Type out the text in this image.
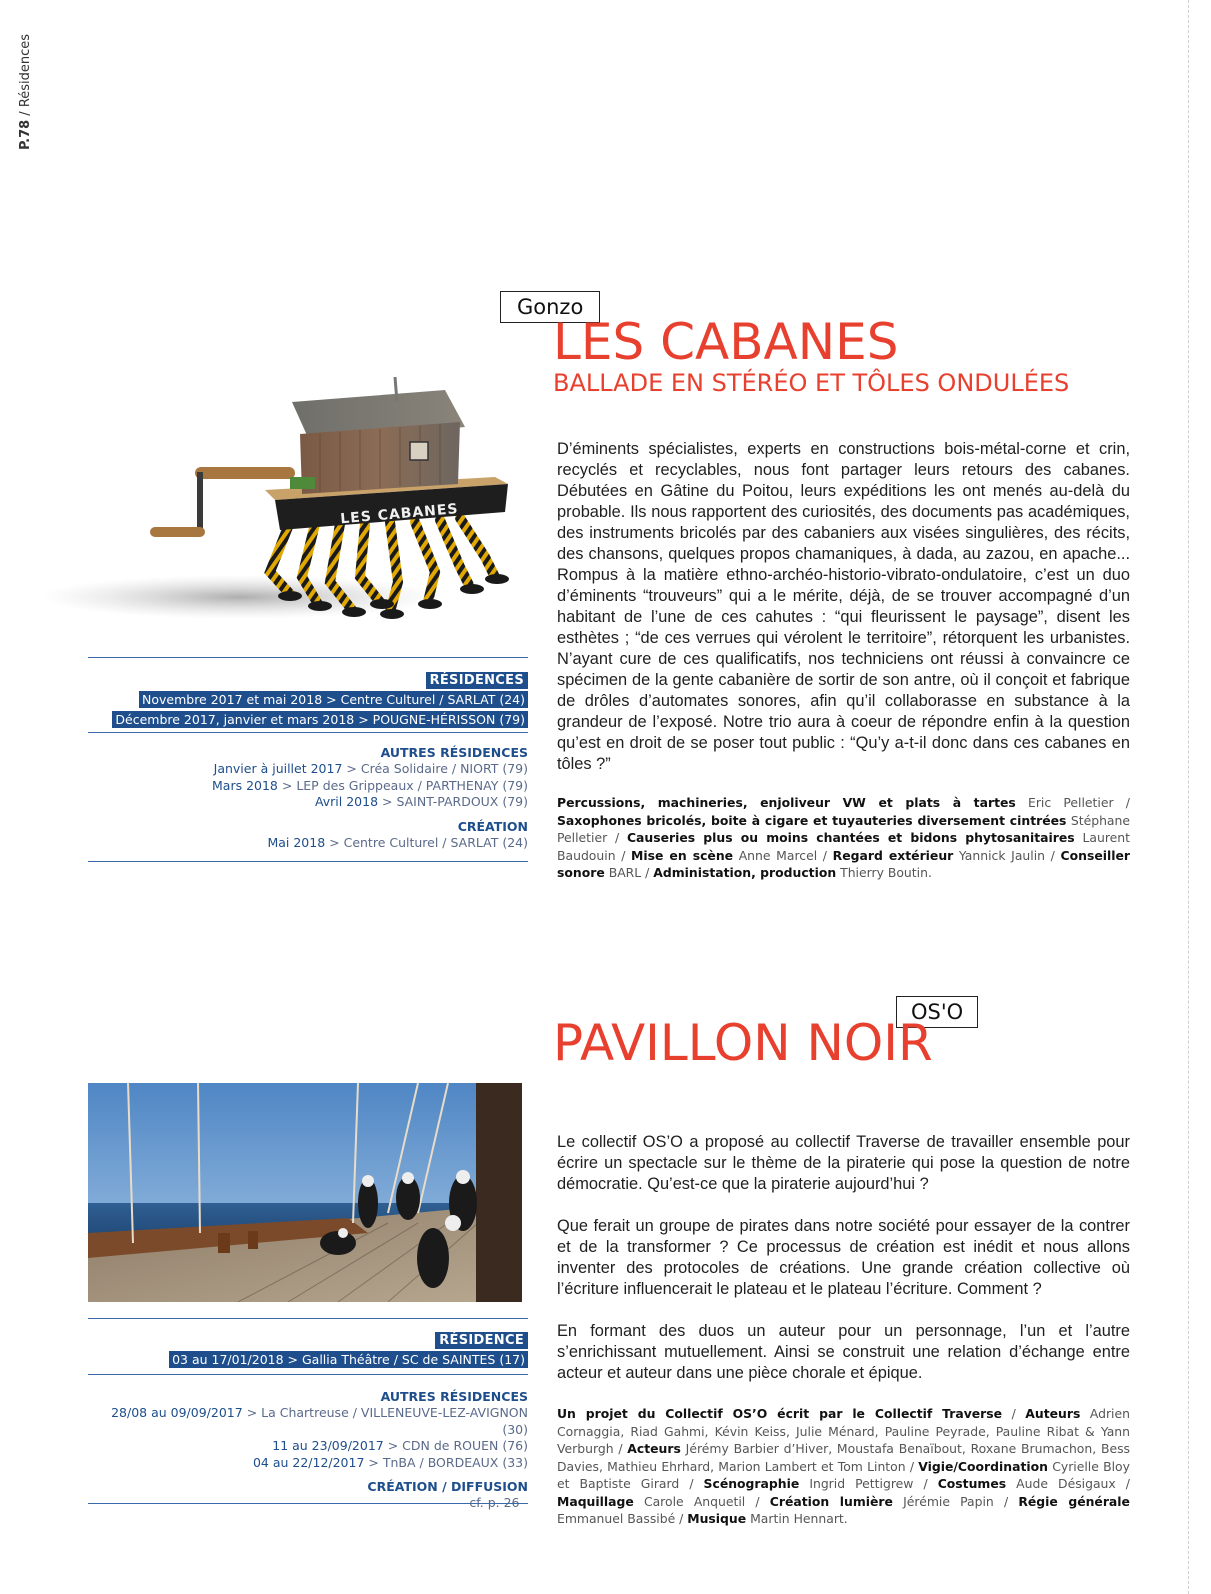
P.78 / Résidences
Gonzo
LES CABANES
BALLADE EN STÉRÉO ET TÔLES ONDULÉES
LES CABANES

D’éminents spécialistes, experts en constructions bois-métal-corne et crin, recyclés et recyclables, nous font partager leurs retours des cabanes. Débutées en Gâtine du Poitou, leurs expéditions les ont menés au-delà du probable. Ils nous rapportent des curiosités, des documents pas académiques, des instruments bricolés par des cabaniers aux visées singulières, des récits, des chansons, quelques propos chamaniques, à dada, au zazou, en apache... Rompus à la matière ethno-archéo-historio-vibrato-ondulatoire, c’est un duo d’éminents “trouveurs” qui a le mérite, déjà, de se trouver accompagné d’un habitant de l’une de ces cahutes : “qui fleurissent le paysage”, disent les esthètes ; “de ces verrues qui vérolent le territoire”, rétorquent les urbanistes. N’ayant cure de ces qualificatifs, nos techniciens ont réussi à convaincre ce spécimen de la gente cabanière de sortir de son antre, où il conçoit et fabrique de drôles d’automates sonores, afin qu’il collaborasse en substance à la grandeur de l’exposé. Notre trio aura à coeur de répondre enfin à la question qu’est en droit de se poser tout public : “Qu’y a-t-il donc dans ces cabanes en tôles ?”

Percussions, machineries, enjoliveur VW et plats à tartes Eric Pelletier / Saxophones bricolés, boite à cigare et tuyauteries diversement cintrées Stéphane Pelletier / Causeries plus ou moins chantées et bidons phytosanitaires Laurent Baudouin / Mise en scène Anne Marcel / Regard extérieur Yannick Jaulin / Conseiller sonore BARL / Administation, production Thierry Boutin.
RÉSIDENCES
Novembre 2017 et mai 2018 > Centre Culturel / SARLAT (24)
Décembre 2017, janvier et mars 2018 > POUGNE-HÉRISSON (79)
AUTRES RÉSIDENCES
Janvier à juillet 2017 > Créa Solidaire / NIORT (79)
Mars 2018 > LEP des Grippeaux / PARTHENAY (79)
Avril 2018 > SAINT-PARDOUX (79)
CRÉATION
Mai 2018 > Centre Culturel / SARLAT (24)
OS'O
PAVILLON NOIR

Le collectif OS’O a proposé au collectif Traverse de travailler ensemble pour écrire un spectacle sur le thème de la piraterie qui pose la question de notre démocratie. Qu’est-ce que la piraterie aujourd’hui ?

Que ferait un groupe de pirates dans notre société pour essayer de la contrer et de la transformer ? Ce processus de création est inédit et nous allons inventer des protocoles de créations. Une grande création collective où l’écriture influencerait le plateau et le plateau l’écriture. Comment ?

En formant des duos un auteur pour un personnage, l’un et l’autre s’enrichissant mutuellement. Ainsi se construit une relation d’échange entre acteur et auteur dans une pièce chorale et épique.

Un projet du Collectif OS’O écrit par le Collectif Traverse / Auteurs Adrien Cornaggia, Riad Gahmi, Kévin Keiss, Julie Ménard, Pauline Peyrade, Pauline Ribat & Yann Verburgh / Acteurs Jérémy Barbier d’Hiver, Moustafa Benaïbout, Roxane Brumachon, Bess Davies, Mathieu Ehrhard, Marion Lambert et Tom Linton / Vigie/Coordination Cyrielle Bloy et Baptiste Girard / Scénographie Ingrid Pettigrew / Costumes Aude Désigaux / Maquillage Carole Anquetil / Création lumière Jérémie Papin / Régie générale Emmanuel Bassibé / Musique Martin Hennart.
RÉSIDENCE
03 au 17/01/2018 > Gallia Théâtre / SC de SAINTES (17)
AUTRES RÉSIDENCES
28/08 au 09/09/2017 > La Chartreuse / VILLENEUVE-LEZ-AVIGNON (30)
11 au 23/09/2017 > CDN de ROUEN (76)
04 au 22/12/2017 > TnBA / BORDEAUX (33)
CRÉATION / DIFFUSION
- cf. p. 26 -
